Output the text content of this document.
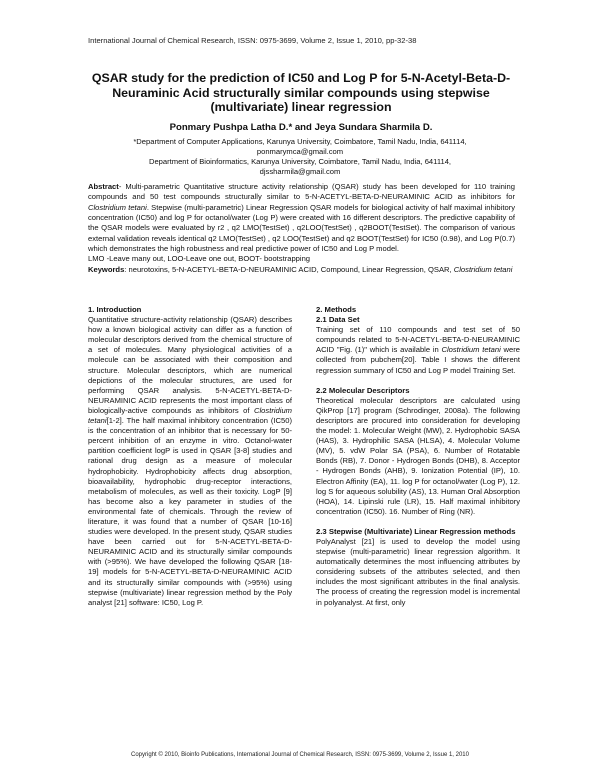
International Journal of Chemical Research, ISSN: 0975-3699, Volume 2, Issue 1, 2010, pp-32-38
QSAR study for the prediction of IC50 and Log P for 5-N-Acetyl-Beta-D-
Neuraminic Acid structurally similar compounds using stepwise
(multivariate) linear regression
Ponmary Pushpa Latha D.* and Jeya Sundara Sharmila D.
*Department of Computer Applications, Karunya University, Coimbatore, Tamil Nadu, India, 641114,
ponmarymca@gmail.com
Department of Bioinformatics, Karunya University, Coimbatore, Tamil Nadu, India, 641114,
djssharmila@gmail.com
Abstract- Multi-parametric Quantitative structure activity relationship (QSAR) study has been developed for 110 training compounds and 50 test compounds structurally similar to 5-N-ACETYL-BETA-D-NEURAMINIC ACID as inhibitors for Clostridium tetani. Stepwise (multi-parametric) Linear Regression QSAR models for biological activity of half maximal inhibitory concentration (IC50) and log P for octanol/water (Log P) were created with 16 different descriptors. The predictive capability of the QSAR models were evaluated by r2 , q2 LMO(TestSet) , q2LOO(TestSet) , q2BOOT(TestSet). The comparison of various external validation reveals identical q2 LMO(TestSet) , q2 LOO(TestSet) and q2 BOOT(TestSet) for IC50 (0.98), and Log P(0.7) which demonstrates the high robustness and real predictive power of IC50 and Log P model.
LMO -Leave many out, LOO-Leave one out, BOOT- bootstrapping
Keywords: neurotoxins, 5-N-ACETYL-BETA-D-NEURAMINIC ACID, Compound, Linear Regression, QSAR, Clostridium tetani
1. Introduction
Quantitative structure-activity relationship (QSAR) describes how a known biological activity can differ as a function of molecular descriptors derived from the chemical structure of a set of molecules. Many physiological activities of a molecule can be associated with their composition and structure. Molecular descriptors, which are numerical depictions of the molecular structures, are used for performing QSAR analysis. 5-N-ACETYL-BETA-D-NEURAMINIC ACID represents the most important class of biologically-active compounds as inhibitors of Clostridium tetani[1-2]. The half maximal inhibitory concentration (IC50) is the concentration of an inhibitor that is necessary for 50-percent inhibition of an enzyme in vitro. Octanol-water partition coefficient logP is used in QSAR [3-8] studies and rational drug design as a measure of molecular hydrophobicity. Hydrophobicity affects drug absorption, bioavailability, hydrophobic drug-receptor interactions, metabolism of molecules, as well as their toxicity. LogP [9] has become also a key parameter in studies of the environmental fate of chemicals. Through the review of literature, it was found that a number of QSAR [10-16] studies were developed. In the present study, QSAR studies have been carried out for 5-N-ACETYL-BETA-D-NEURAMINIC ACID and its structurally similar compounds with (>95%). We have developed the following QSAR [18-19] models for 5-N-ACETYL-BETA-D-NEURAMINIC ACID and its structurally similar compounds with (>95%) using stepwise (multivariate) linear regression method by the Poly analyst [21] software: IC50, Log P.
2. Methods
2.1 Data Set
Training set of 110 compounds and test set of 50 compounds related to 5-N-ACETYL-BETA-D-NEURAMINIC ACID "Fig. (1)" which is available in Clostridium tetani were collected from pubchem[20]. Table I shows the different regression summary of IC50 and Log P model Training Set.
2.2 Molecular Descriptors
Theoretical molecular descriptors are calculated using QikProp [17] program (Schrodinger, 2008a). The following descriptors are procured into consideration for developing the model: 1. Molecular Weight (MW), 2. Hydrophobic SASA (HAS), 3. Hydrophilic SASA (HLSA), 4. Molecular Volume (MV), 5. vdW Polar SA (PSA), 6. Number of Rotatable Bonds (RB), 7. Donor - Hydrogen Bonds (DHB), 8. Acceptor - Hydrogen Bonds (AHB), 9. Ionization Potential (IP), 10. Electron Affinity (EA), 11. log P for octanol/water (Log P), 12. log S for aqueous solubility (AS), 13. Human Oral Absorption (HOA), 14. Lipinski rule (LR), 15. Half maximal inhibitory concentration (IC50). 16. Number of Ring (NR).
2.3 Stepwise (Multivariate) Linear Regression methods
PolyAnalyst [21] is used to develop the model using stepwise (multi-parametric) linear regression algorithm. It automatically determines the most influencing attributes by considering subsets of the attributes selected, and then includes the most significant attributes in the final analysis. The process of creating the regression model is incremental in polyanalyst. At first, only
Copyright © 2010, Bioinfo Publications, International Journal of Chemical Research, ISSN: 0975-3699, Volume 2, Issue 1, 2010
